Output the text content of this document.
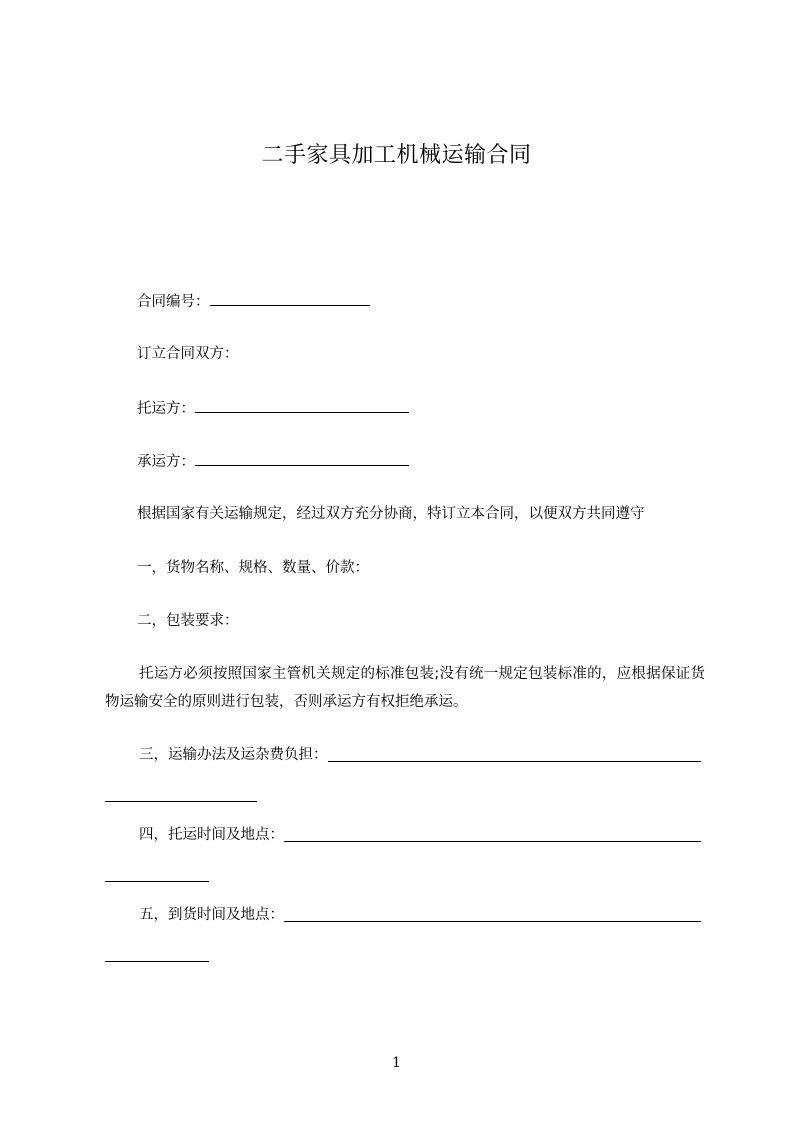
二手家具加工机械运输合同
合同编号：
订立合同双方：
托运方：
承运方：
根据国家有关运输规定，经过双方充分协商，特订立本合同，以便双方共同遵守
一，货物名称、规格、数量、价款：
二，包装要求：
托运方必须按照国家主管机关规定的标准包装;没有统一规定包装标准的，应根据保证货物运输安全的原则进行包装，否则承运方有权拒绝承运。
三，运输办法及运杂费负担：
四，托运时间及地点：
五，到货时间及地点：
1
